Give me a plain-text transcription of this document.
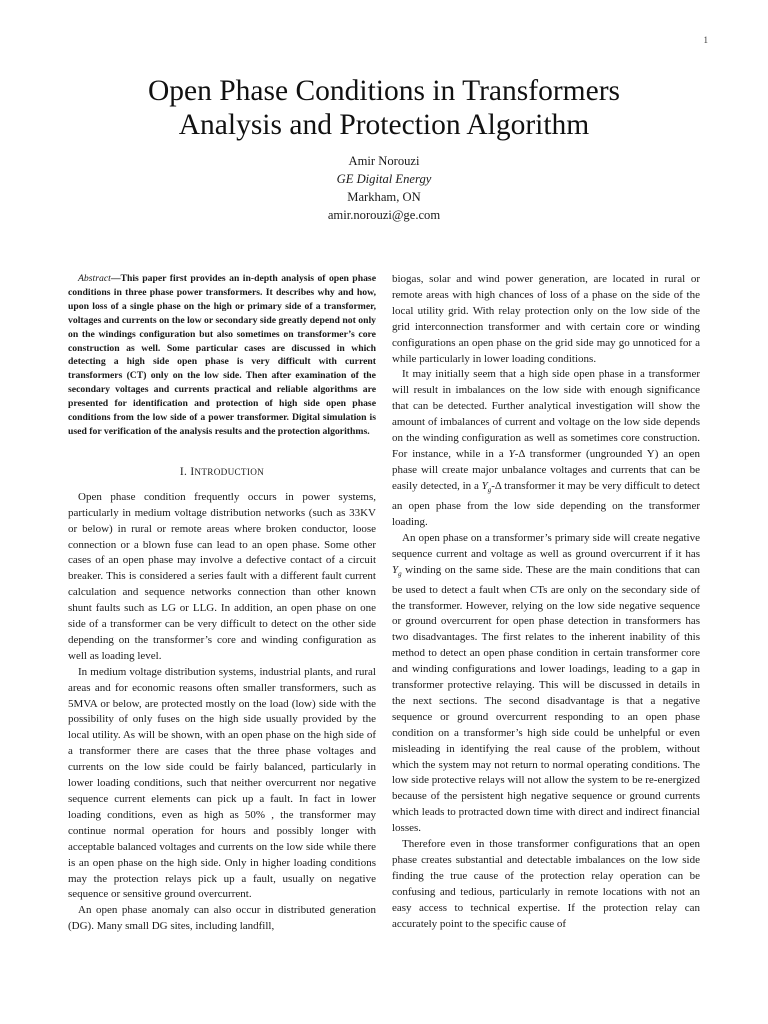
1
Open Phase Conditions in Transformers
Analysis and Protection Algorithm
Amir Norouzi
GE Digital Energy
Markham, ON
amir.norouzi@ge.com

Abstract—This paper first provides an in-depth analysis of open phase conditions in three phase power transformers. It describes why and how, upon loss of a single phase on the high or primary side of a transformer, voltages and currents on the low or secondary side greatly depend not only on the windings configuration but also sometimes on transformer’s core construction as well. Some particular cases are discussed in which detecting a high side open phase is very difficult with current transformers (CT) only on the low side. Then after examination of the secondary voltages and currents practical and reliable algorithms are presented for identification and protection of high side open phase conditions from the low side of a power transformer. Digital simulation is used for verification of the analysis results and the protection algorithms.

I. INTRODUCTION

Open phase condition frequently occurs in power systems, particularly in medium voltage distribution networks (such as 33KV or below) in rural or remote areas where broken conductor, loose connection or a blown fuse can lead to an open phase. Some other cases of an open phase may involve a defective contact of a circuit breaker. This is considered a series fault with a different fault current calculation and sequence networks connection than other known shunt faults such as LG or LLG. In addition, an open phase on one side of a transformer can be very difficult to detect on the other side depending on the transformer’s core and winding configuration as well as loading level.

In medium voltage distribution systems, industrial plants, and rural areas and for economic reasons often smaller transformers, such as 5MVA or below, are protected mostly on the load (low) side with the possibility of only fuses on the high side usually provided by the local utility. As will be shown, with an open phase on the high side of a transformer there are cases that the three phase voltages and currents on the low side could be fairly balanced, particularly in lower loading conditions, such that neither overcurrent nor negative sequence current elements can pick up a fault. In fact in lower loading conditions, even as high as 50% , the transformer may continue normal operation for hours and possibly longer with acceptable balanced voltages and currents on the low side while there is an open phase on the high side. Only in higher loading conditions may the protection relays pick up a fault, usually on negative sequence or sensitive ground overcurrent.

An open phase anomaly can also occur in distributed generation (DG). Many small DG sites, including landfill,

biogas, solar and wind power generation, are located in rural or remote areas with high chances of loss of a phase on the side of the local utility grid. With relay protection only on the low side of the grid interconnection transformer and with certain core or winding configurations an open phase on the grid side may go unnoticed for a while particularly in lower loading conditions.

It may initially seem that a high side open phase in a transformer will result in imbalances on the low side with enough significance that can be detected. Further analytical investigation will show the amount of imbalances of current and voltage on the low side depends on the winding configuration as well as sometimes core construction. For instance, while in a Y-Δ transformer (ungrounded Y) an open phase will create major unbalance voltages and currents that can be easily detected, in a $Y_g-\Delta$ transformer it may be very difficult to detect an open phase from the low side depending on the transformer loading.

An open phase on a transformer’s primary side will create negative sequence current and voltage as well as ground overcurrent if it has $Y_g$ winding on the same side. These are the main conditions that can be used to detect a fault when CTs are only on the secondary side of the transformer. However, relying on the low side negative sequence or ground overcurrent for open phase detection in transformers has two disadvantages. The first relates to the inherent inability of this method to detect an open phase condition in certain transformer core and winding configurations and lower loadings, leading to a gap in transformer protective relaying. This will be discussed in details in the next sections. The second disadvantage is that a negative sequence or ground overcurrent responding to an open phase condition on a transformer’s high side could be unhelpful or even misleading in identifying the real cause of the problem, without which the system may not return to normal operating conditions. The low side protective relays will not allow the system to be re-energized because of the persistent high negative sequence or ground currents which leads to protracted down time with direct and indirect financial losses.

Therefore even in those transformer configurations that an open phase creates substantial and detectable imbalances on the low side finding the true cause of the protection relay operation can be confusing and tedious, particularly in remote locations with not an easy access to technical expertise. If the protection relay can accurately point to the specific cause of
